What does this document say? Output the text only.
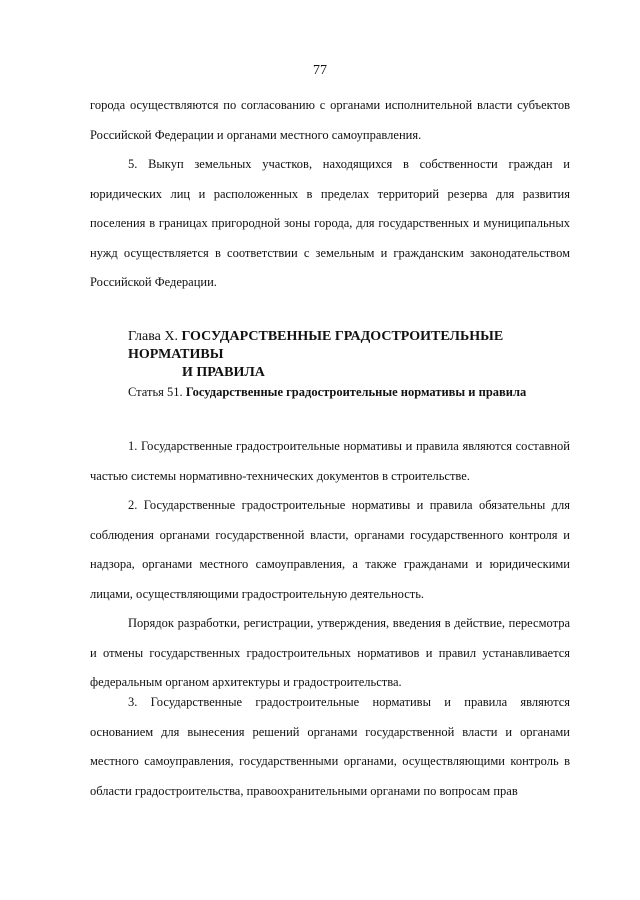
77

города осуществляются по согласованию с органами исполнительной власти субъектов Российской Федерации и органами местного самоуправления.

5. Выкуп земельных участков, находящихся в собственности граждан и юридических лиц и расположенных в пределах территорий резерва для развития поселения в границах пригородной зоны города, для государственных и муниципальных нужд осуществляется в соответствии с земельным и гражданским законодательством Российской Федерации.

Глава X. ГОСУДАРСТВЕННЫЕ ГРАДОСТРОИТЕЛЬНЫЕ НОРМАТИВЫ
И ПРАВИЛА
Статья 51. Государственные градостроительные нормативы и правила

1. Государственные градостроительные нормативы и правила являются составной частью системы нормативно-технических документов в строительстве.

2. Государственные градостроительные нормативы и правила обязательны для соблюдения органами государственной власти, органами государственного контроля и надзора, органами местного самоуправления, а также гражданами и юридическими лицами, осуществляющими градостроительную деятельность.

Порядок разработки, регистрации, утверждения, введения в действие, пересмотра и отмены государственных градостроительных нормативов и правил устанавливается федеральным органом архитектуры и градостроительства.

3. Государственные градостроительные нормативы и правила являются основанием для вынесения решений органами государственной власти и органами местного самоуправления, государственными органами, осуществляющими контроль в области градостроительства, правоохранительными органами по вопросам прав
